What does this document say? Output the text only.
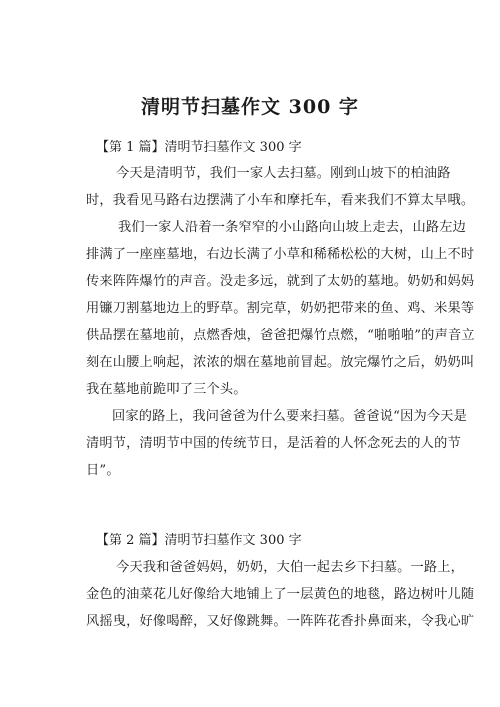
清明节扫墓作文 300 字

【第 1 篇】清明节扫墓作文 300 字

今天是清明节，我们一家人去扫墓。刚到山坡下的柏油路

时，我看见马路右边摆满了小车和摩托车，看来我们不算太早哦。

我们一家人沿着一条窄窄的小山路向山坡上走去，山路左边

排满了一座座墓地，右边长满了小草和稀稀松松的大树，山上不时

传来阵阵爆竹的声音。没走多远，就到了太奶的墓地。奶奶和妈妈

用镰刀割墓地边上的野草。割完草，奶奶把带来的鱼、鸡、米果等

供品摆在墓地前，点燃香烛，爸爸把爆竹点燃，“啪啪啪”的声音立

刻在山腰上响起，浓浓的烟在墓地前冒起。放完爆竹之后，奶奶叫

我在墓地前跪叩了三个头。

回家的路上，我问爸爸为什么要来扫墓。爸爸说“因为今天是

清明节，清明节中国的传统节日，是活着的人怀念死去的人的节

日”。

【第 2 篇】清明节扫墓作文 300 字

今天我和爸爸妈妈，奶奶，大伯一起去乡下扫墓。一路上，

金色的油菜花儿好像给大地铺上了一层黄色的地毯，路边树叶儿随

风摇曳，好像喝醉，又好像跳舞。一阵阵花香扑鼻面来，令我心旷
